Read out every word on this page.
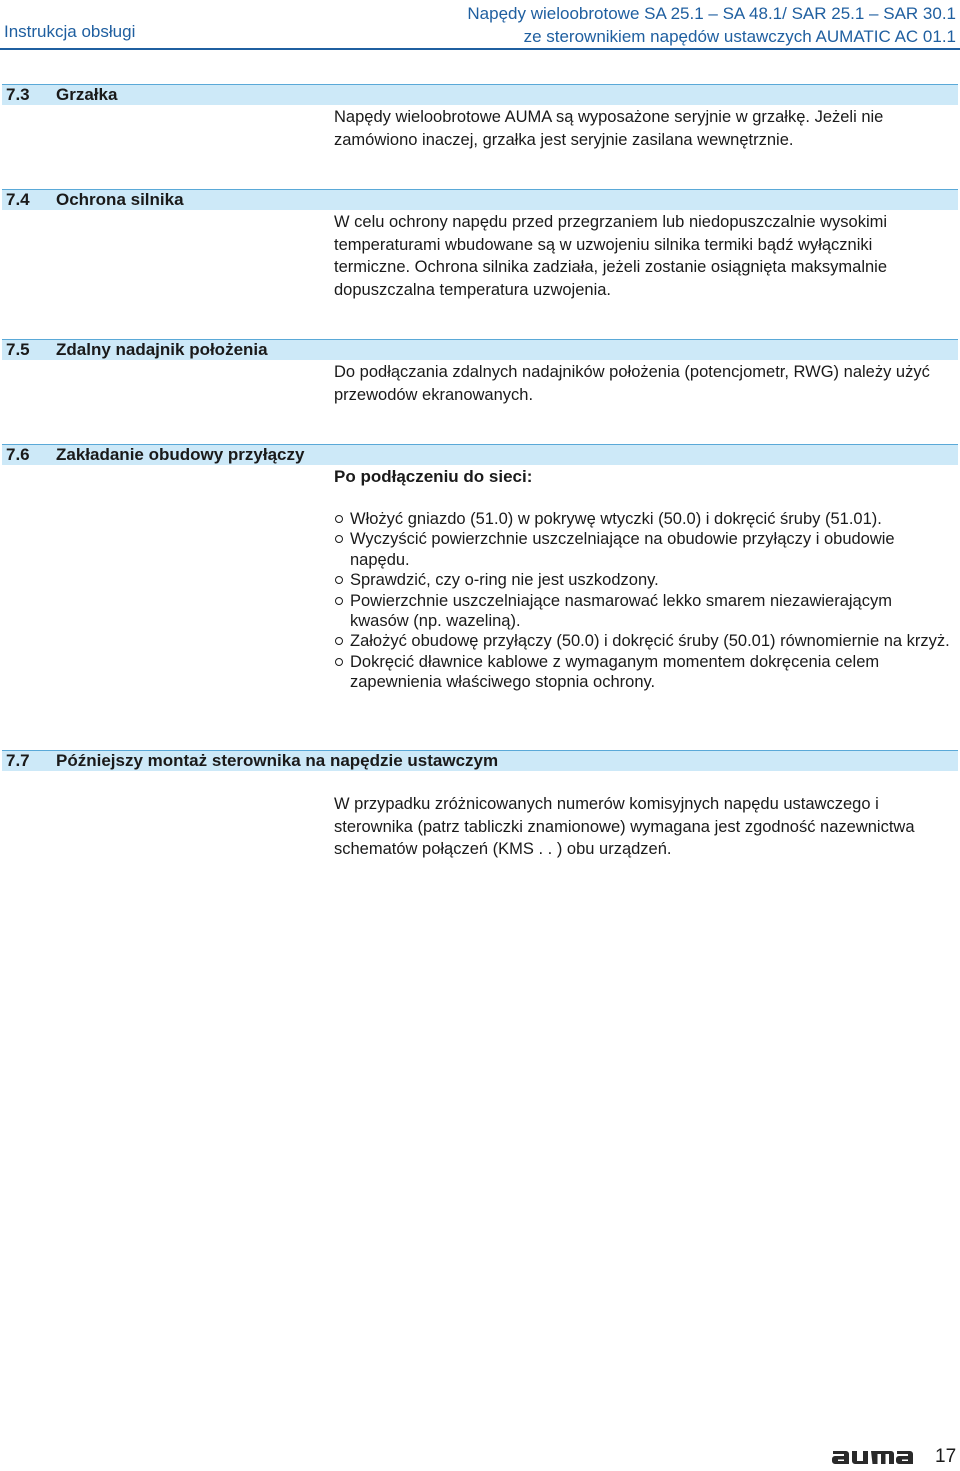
Instrukcja obsługi
Napędy wieloobrotowe SA 25.1 – SA 48.1/ SAR 25.1 – SAR 30.1
ze sterownikiem napędów ustawczych AUMATIC AC 01.1
7.3 Grzałka
Napędy wieloobrotowe AUMA są wyposażone seryjnie w grzałkę. Jeżeli nie zamówiono inaczej, grzałka jest seryjnie zasilana wewnętrznie.
7.4 Ochrona silnika
W celu ochrony napędu przed przegrzaniem lub niedopuszczalnie wysokimi temperaturami wbudowane są w uzwojeniu silnika termiki bądź wyłączniki termiczne. Ochrona silnika zadziała, jeżeli zostanie osiągnięta maksymalnie dopuszczalna temperatura uzwojenia.
7.5 Zdalny nadajnik położenia
Do podłączania zdalnych nadajników położenia (potencjometr, RWG) należy użyć przewodów ekranowanych.
7.6 Zakładanie obudowy przyłączy
Po podłączeniu do sieci:
Włożyć gniazdo (51.0) w pokrywę wtyczki (50.0) i dokręcić śruby (51.01).
Wyczyścić powierzchnie uszczelniające na obudowie przyłączy i obudowie napędu.
Sprawdzić, czy o-ring nie jest uszkodzony.
Powierzchnie uszczelniające nasmarować lekko smarem niezawierającym kwasów (np. wazeliną).
Założyć obudowę przyłączy (50.0) i dokręcić śruby (50.01) równomiernie na krzyż.
Dokręcić dławnice kablowe z wymaganym momentem dokręcenia celem zapewnienia właściwego stopnia ochrony.
7.7 Późniejszy montaż sterownika na napędzie ustawczym
W przypadku zróżnicowanych numerów komisyjnych napędu ustawczego i sterownika (patrz tabliczki znamionowe) wymagana jest zgodność nazewnictwa schematów połączeń (KMS . . ) obu urządzeń.
17
